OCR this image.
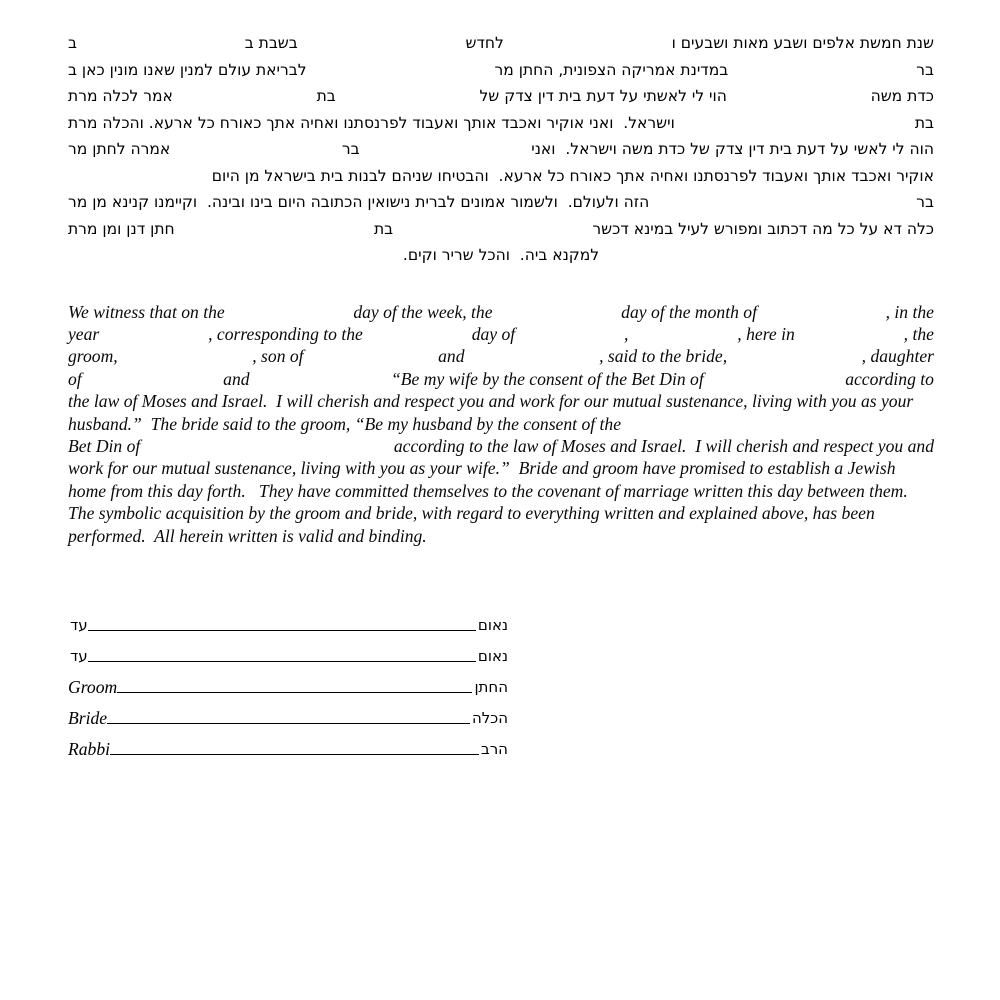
ב	בשבת ב	לחדש	שנת חמשת אלפים ושבע מאות ושבעים ו
לבריאת עולם למנין שאנו מונין כאן ב	במדינת אמריקה הצפונית, החתן מר	בר
אמר לכלה מרת	בת	הוי לי לאשתי על דעת בית דין צדק של	כדת משה
וישראל.  ואני אוקיר ואכבד אותך ואעבוד לפרנסתנו ואחיה אתך כאורח כל ארעא. והכלה מרת	בת
אמרה לחתן מר	בר	הוה לי לאשי על דעת בית דין צדק של כדת משה וישראל.  ואני
אוקיר ואכבד אותך ואעבוד לפרנסתנו ואחיה אתך כאורח כל ארעא.  והבטיחו שניהם לבנות בית בישראל מן היום
הזה ולעולם.  ולשמור אמונים לברית נישואין הכתובה היום בינו ובינה.  וקיימנו קנינא מן מר	בר
חתן דנן ומן מרת	בת	כלה דא על כל מה דכתוב ומפורש לעיל במינא דכשר
למקנא ביה.  והכל שריר וקים.
We witness that on the	day of the week, the	day of the month of	, in the
year	, corresponding to the	day of	,	, here in	, the
groom,	, son of	and	, said to the bride,	, daughter
of	and	“Be my wife by the consent of the Bet Din of	according to
the law of Moses and Israel.  I will cherish and respect you and work for our mutual sustenance, living with you as your husband.”  The bride said to the groom, “Be my husband by the consent of the
Bet Din of	according to the law of Moses and Israel.  I will cherish and respect you and
work for our mutual sustenance, living with you as your wife.”  Bride and groom have promised to establish a Jewish home from this day forth.   They have committed themselves to the covenant of marriage written this day between them.   The symbolic acquisition by the groom and bride, with regard to everything written and explained above, has been performed.  All herein written is valid and binding.
עד	נאום
עד	נאום
Groom	החתן
Bride	הכלה
Rabbi	הרב
